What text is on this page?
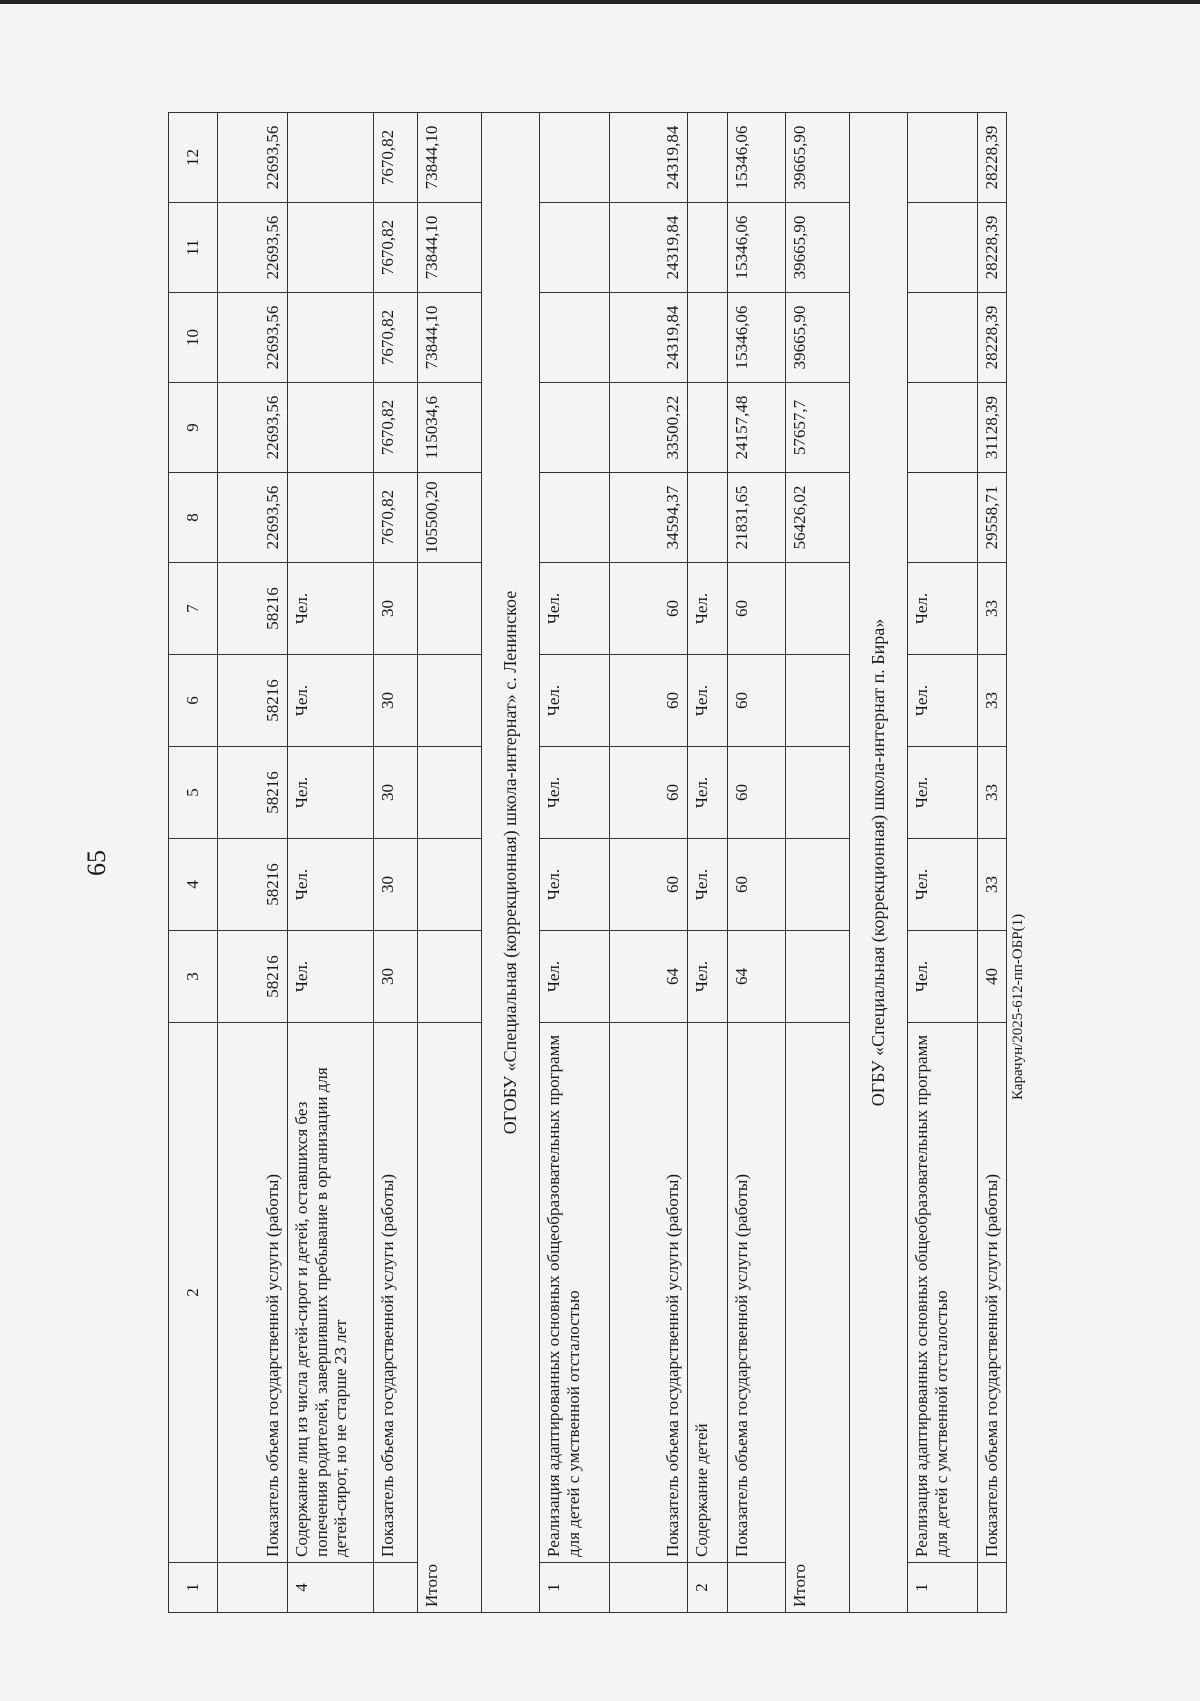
65
Карачун/2025-612-пп-ОБР(1)
1	2	3	4	5	6	7	8	9	10	11	12
	Показатель объема государственной услуги (работы)	58216	58216	58216	58216	58216	22693,56	22693,56	22693,56	22693,56	22693,56
4	Содержание лиц из числа детей-сирот и детей, оставшихся без попечения родителей, завершивших пребывание в организации для детей-сирот, но не старше 23 лет	Чел.	Чел.	Чел.	Чел.	Чел.					
	Показатель объема государственной услуги (работы)	30	30	30	30	30	7670,82	7670,82	7670,82	7670,82	7670,82
Итого							105500,20	115034,6	73844,10	73844,10	73844,10
ОГОБУ «Специальная (коррекционная) школа-интернат» с. Ленинское											
1	Реализация адаптированных основных общеобразовательных программ для детей с умственной отсталостью	Чел.	Чел.	Чел.	Чел.	Чел.					
	Показатель объема государственной услуги (работы)	64	60	60	60	60	34594,37	33500,22	24319,84	24319,84	24319,84
2	Содержание детей	Чел.	Чел.	Чел.	Чел.	Чел.					
	Показатель объема государственной услуги (работы)	64	60	60	60	60	21831,65	24157,48	15346,06	15346,06	15346,06
Итого							56426,02	57657,7	39665,90	39665,90	39665,90
ОГБУ «Специальная (коррекционная) школа-интернат п. Бира»											
1	Реализация адаптированных основных общеобразовательных программ для детей с умственной отсталостью	Чел.	Чел.	Чел.	Чел.	Чел.					
	Показатель объема государственной услуги (работы)	40	33	33	33	33	29558,71	31128,39	28228,39	28228,39	28228,39
